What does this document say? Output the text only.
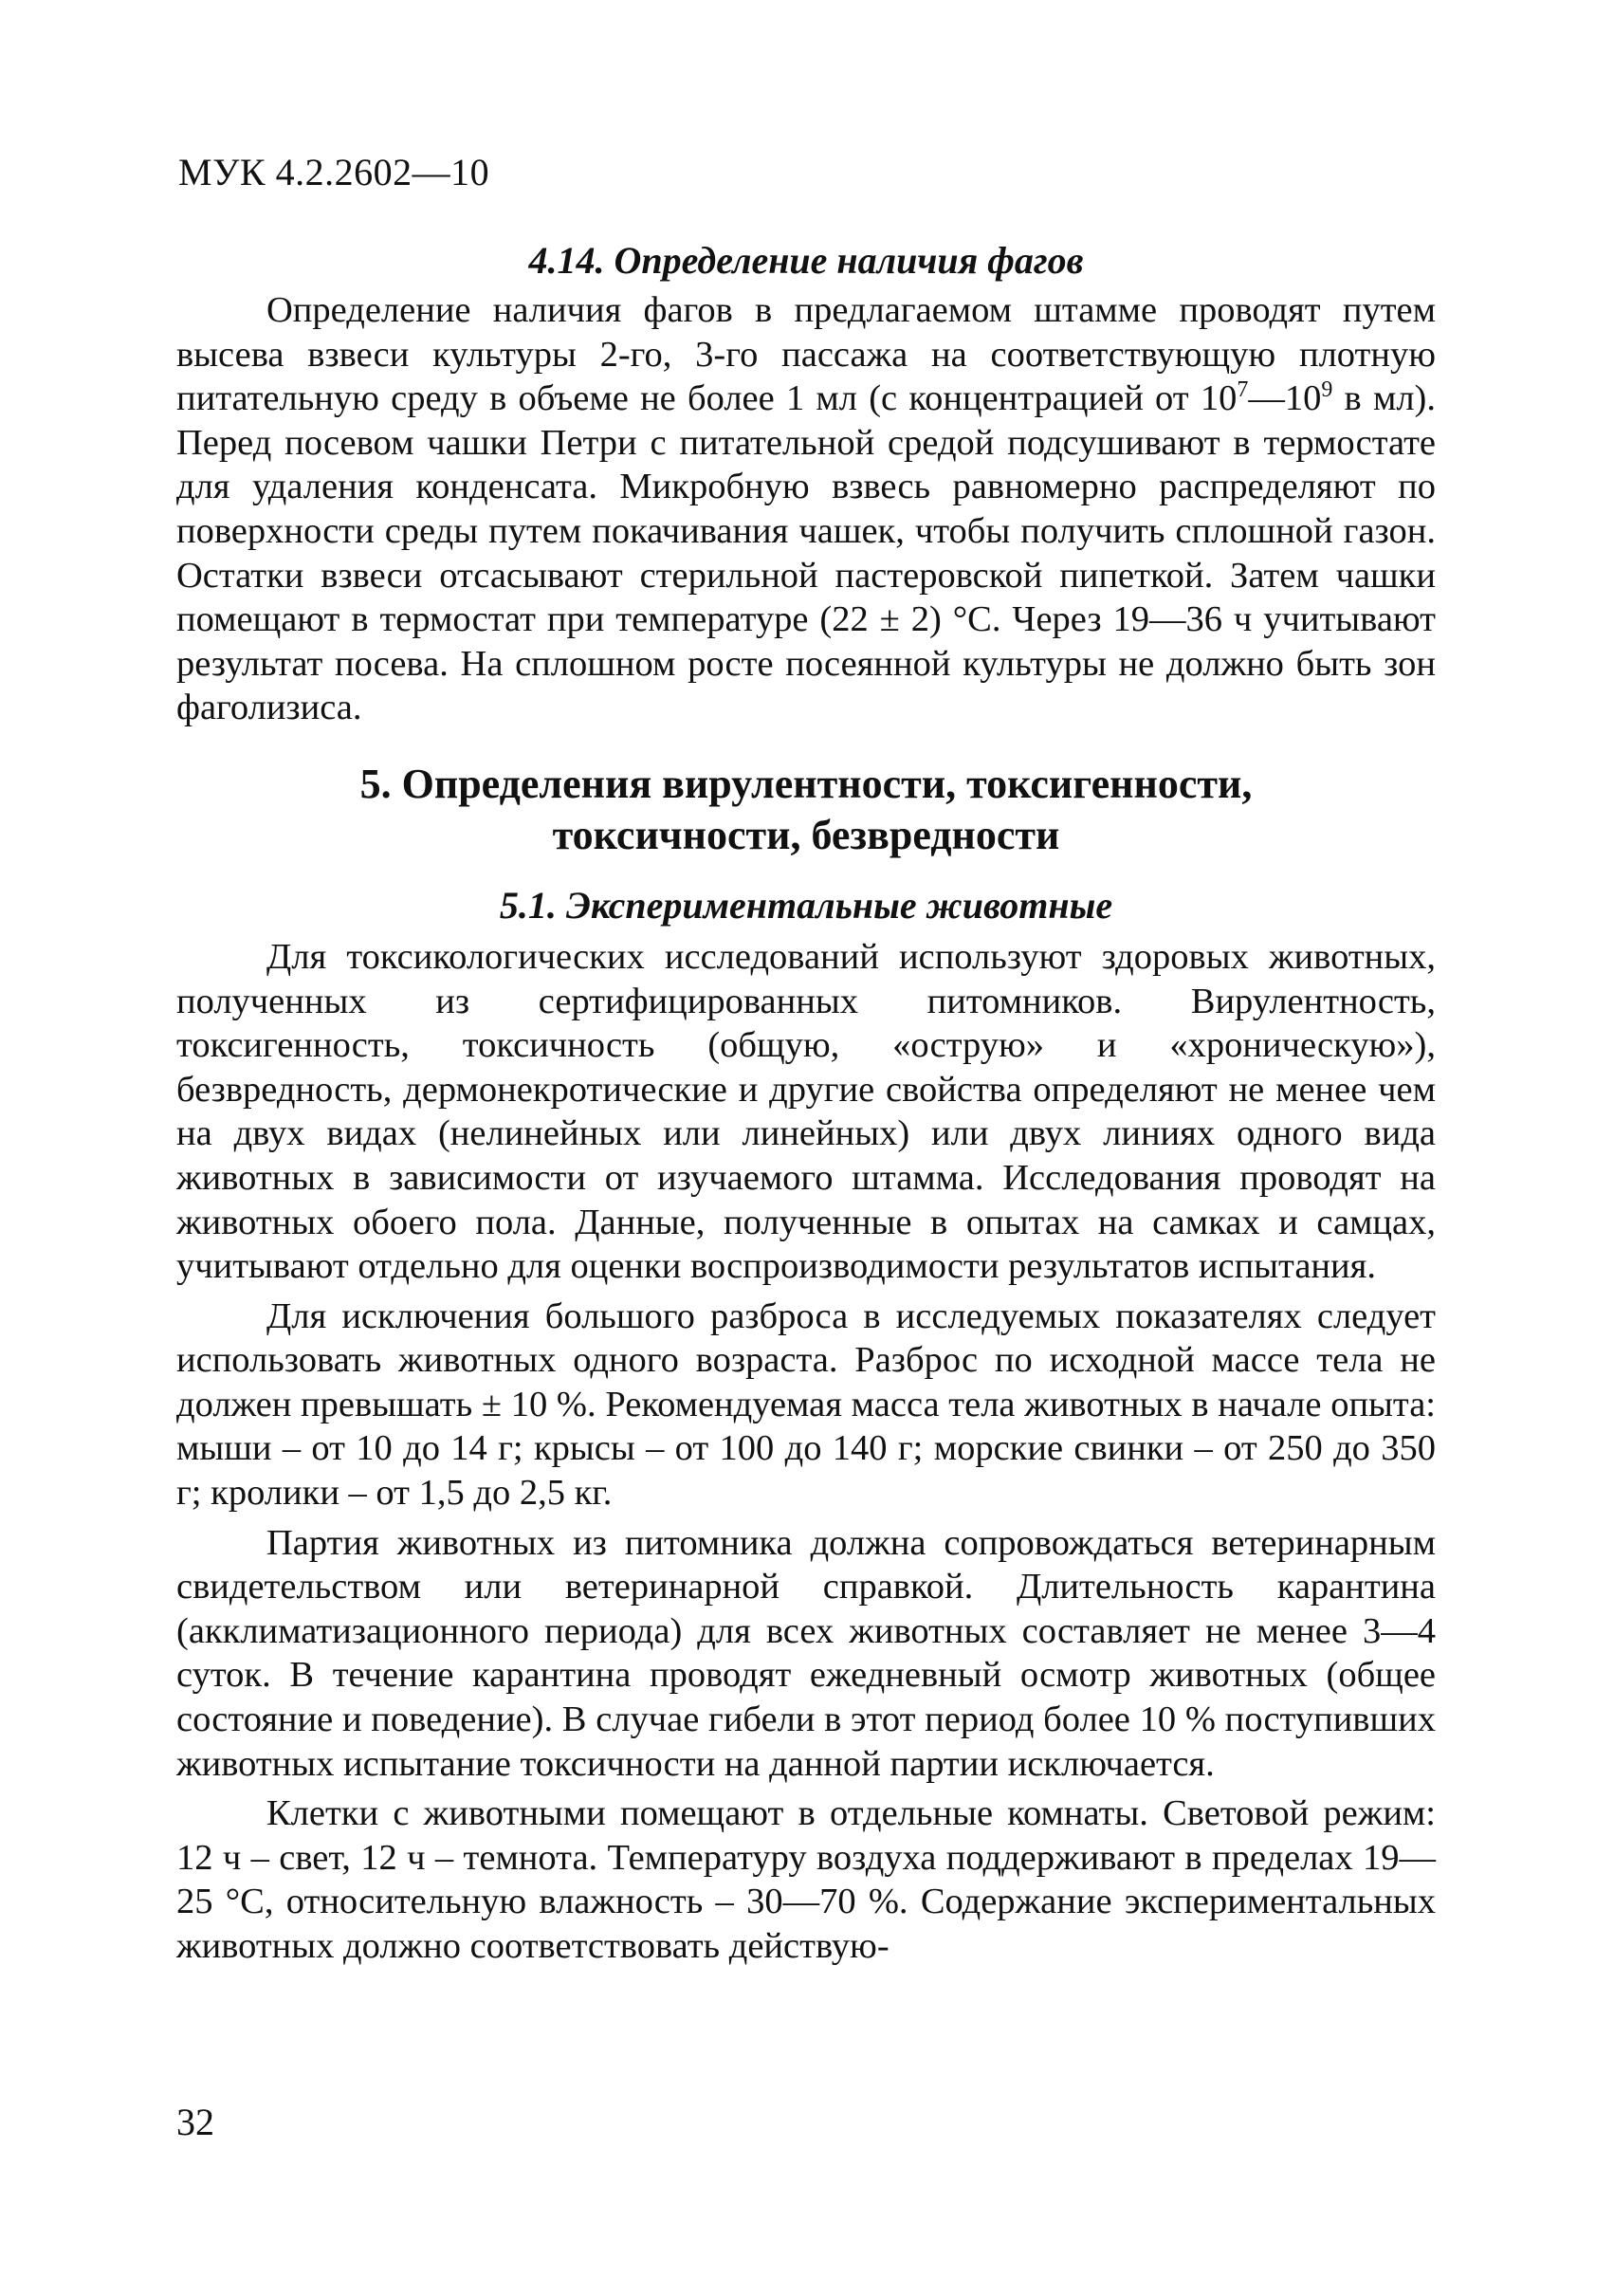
МУК 4.2.2602—10
4.14. Определение наличия фагов

Определение наличия фагов в предлагаемом штамме проводят путем высева взвеси культуры 2-го, 3-го пассажа на соответствующую плотную питательную среду в объеме не более 1 мл (с концентрацией от $10^7—10^9$ в мл). Перед посевом чашки Петри с питательной средой подсушивают в термостате для удаления конденсата. Микробную взвесь равномерно распределяют по поверхности среды путем покачивания чашек, чтобы получить сплошной газон. Остатки взвеси отсасывают стерильной пастеровской пипеткой. Затем чашки помещают в термостат при температуре (22 ± 2) °С. Через 19—36 ч учитывают результат посева. На сплошном росте посеянной культуры не должно быть зон фаголизиса.

5. Определения вирулентности, токсигенности,
токсичности, безвредности
5.1. Экспериментальные животные

Для токсикологических исследований используют здоровых животных, полученных из сертифицированных питомников. Вирулентность, токсигенность, токсичность (общую, «острую» и «хроническую»), безвредность, дермонекротические и другие свойства определяют не менее чем на двух видах (нелинейных или линейных) или двух линиях одного вида животных в зависимости от изучаемого штамма. Исследования проводят на животных обоего пола. Данные, полученные в опытах на самках и самцах, учитывают отдельно для оценки воспроизводимости результатов испытания.

Для исключения большого разброса в исследуемых показателях следует использовать животных одного возраста. Разброс по исходной массе тела не должен превышать ± 10 %. Рекомендуемая масса тела животных в начале опыта: мыши – от 10 до 14 г; крысы – от 100 до 140 г; морские свинки – от 250 до 350 г; кролики – от 1,5 до 2,5 кг.

Партия животных из питомника должна сопровождаться ветеринарным свидетельством или ветеринарной справкой. Длительность карантина (акклиматизационного периода) для всех животных составляет не менее 3—4 суток. В течение карантина проводят ежедневный осмотр животных (общее состояние и поведение). В случае гибели в этот период более 10 % поступивших животных испытание токсичности на данной партии исключается.

Клетки с животными помещают в отдельные комнаты. Световой режим: 12 ч – свет, 12 ч – темнота. Температуру воздуха поддерживают в пределах 19—25 °С, относительную влажность – 30—70 %. Содержание экспериментальных животных должно соответствовать действую-

32
